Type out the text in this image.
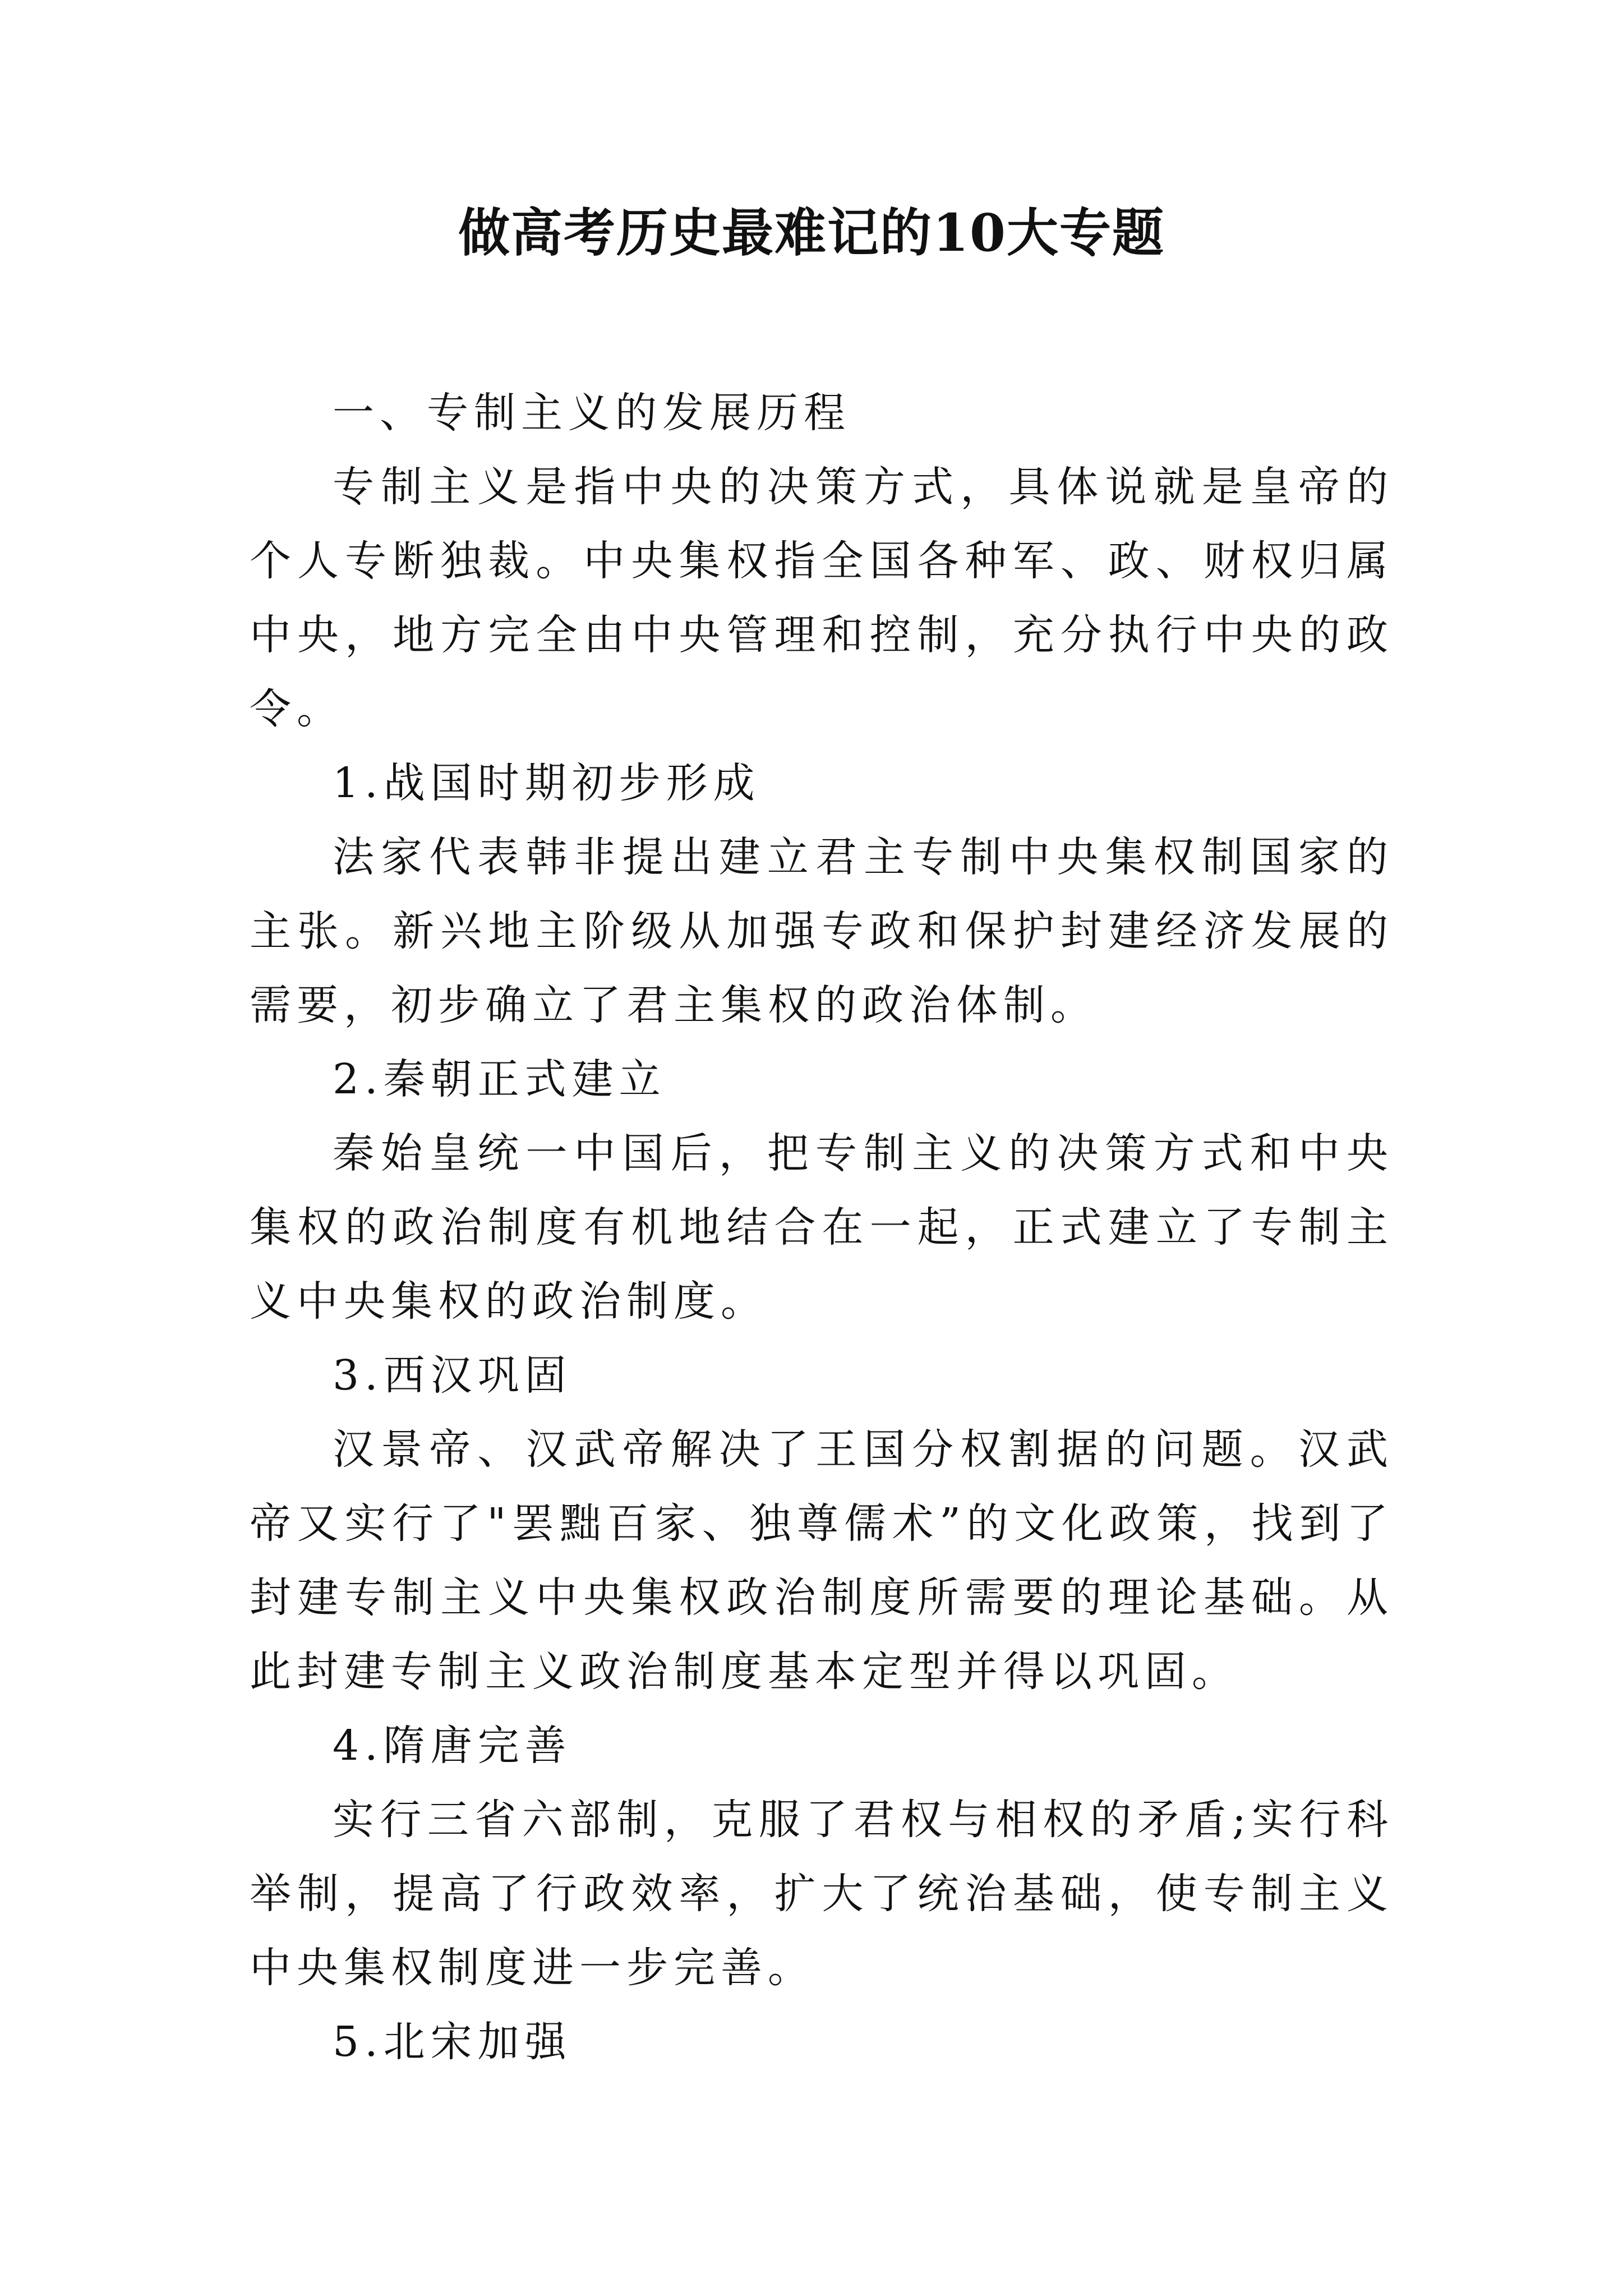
做高考历史最难记的10大专题

一、专制主义的发展历程

专制主义是指中央的决策方式，具体说就是皇帝的个人专断独裁。中央集权指全国各种军、政、财权归属中央，地方完全由中央管理和控制，充分执行中央的政令。

1.战国时期初步形成

法家代表韩非提出建立君主专制中央集权制国家的主张。新兴地主阶级从加强专政和保护封建经济发展的需要，初步确立了君主集权的政治体制。

2.秦朝正式建立

秦始皇统一中国后，把专制主义的决策方式和中央集权的政治制度有机地结合在一起，正式建立了专制主义中央集权的政治制度。

3.西汉巩固

汉景帝、汉武帝解决了王国分权割据的问题。汉武帝又实行了"罢黜百家、独尊儒术”的文化政策，找到了封建专制主义中央集权政治制度所需要的理论基础。从此封建专制主义政治制度基本定型并得以巩固。

4.隋唐完善

实行三省六部制，克服了君权与相权的矛盾;实行科举制，提高了行政效率，扩大了统治基础，使专制主义中央集权制度进一步完善。

5.北宋加强
